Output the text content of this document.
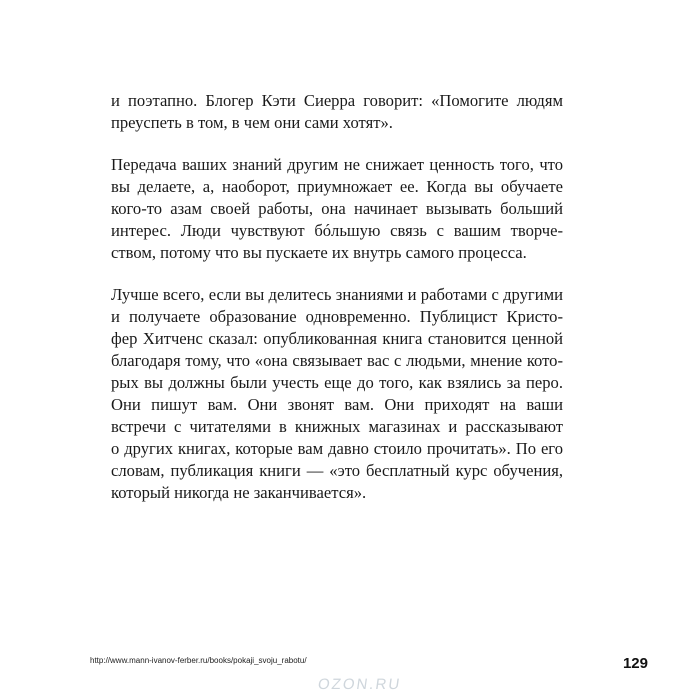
и поэтапно. Блогер Кэти Сиерра говорит: «Помогите людям
преуспеть в том, в чем они сами хотят».

Передача ваших знаний другим не снижает ценность того, что
вы делаете, а, наоборот, приумножает ее. Когда вы обучаете
кого-то азам своей работы, она начинает вызывать больший
интерес. Люди чувствуют бóльшую связь с вашим творче-
ством, потому что вы пускаете их внутрь самого процесса.

Лучше всего, если вы делитесь знаниями и работами с другими
и получаете образование одновременно. Публицист Кристо-
фер Хитченс сказал: опубликованная книга становится ценной
благодаря тому, что «она связывает вас с людьми, мнение кото-
рых вы должны были учесть еще до того, как взялись за перо.
Они пишут вам. Они звонят вам. Они приходят на ваши
встречи с читателями в книжных магазинах и рассказывают
о других книгах, которые вам давно стоило прочитать». По его
словам, публикация книги — «это бесплатный курс обучения,
который никогда не заканчивается».

http://www.mann-ivanov-ferber.ru/books/pokaji_svoju_rabotu/	129
OZON.RU
